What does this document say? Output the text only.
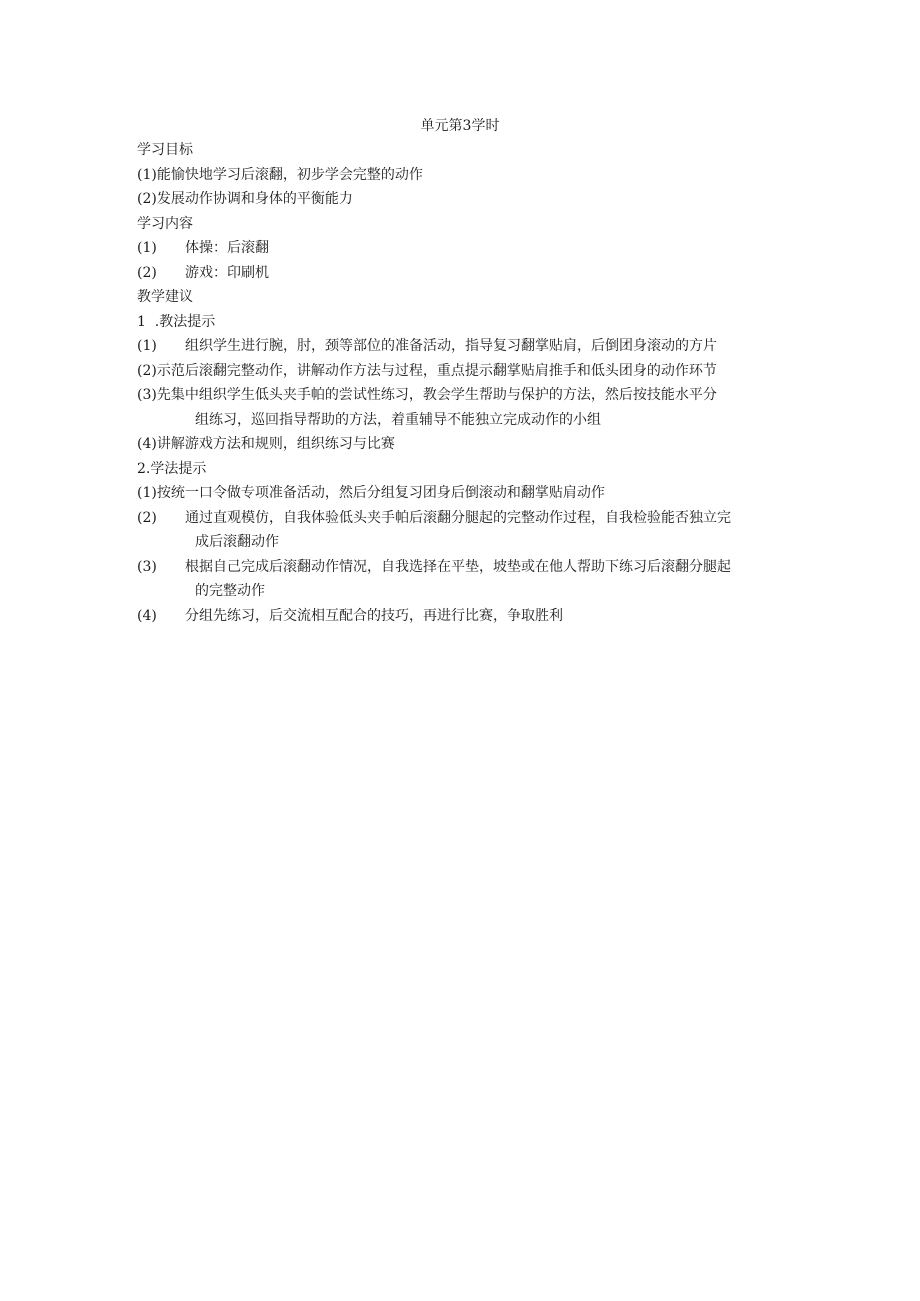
单元第3学时
学习目标
(1) 能愉快地学习后滚翻，初步学会完整的动作
(2) 发展动作协调和身体的平衡能力
学习内容
(1)	体操：后滚翻
(2)	游戏：印刷机
教学建议
1  .教法提示
(1)	组织学生进行腕，肘，颈等部位的准备活动，指导复习翻掌贴肩，后倒团身滚动的方片
(2) 示范后滚翻完整动作，讲解动作方法与过程，重点提示翻掌贴肩推手和低头团身的动作环节
(3) 先集中组织学生低头夹手帕的尝试性练习，教会学生帮助与保护的方法，然后按技能水平分
组练习，巡回指导帮助的方法，着重辅导不能独立完成动作的小组
(4) 讲解游戏方法和规则，组织练习与比赛
2.学法提示
(1) 按统一口令做专项准备活动，然后分组复习团身后倒滚动和翻掌贴肩动作
(2)	通过直观模仿，自我体验低头夹手帕后滚翻分腿起的完整动作过程，自我检验能否独立完
成后滚翻动作
(3)	根据自己完成后滚翻动作情况，自我选择在平垫，坡垫或在他人帮助下练习后滚翻分腿起
的完整动作
(4)	分组先练习，后交流相互配合的技巧，再进行比赛，争取胜利
